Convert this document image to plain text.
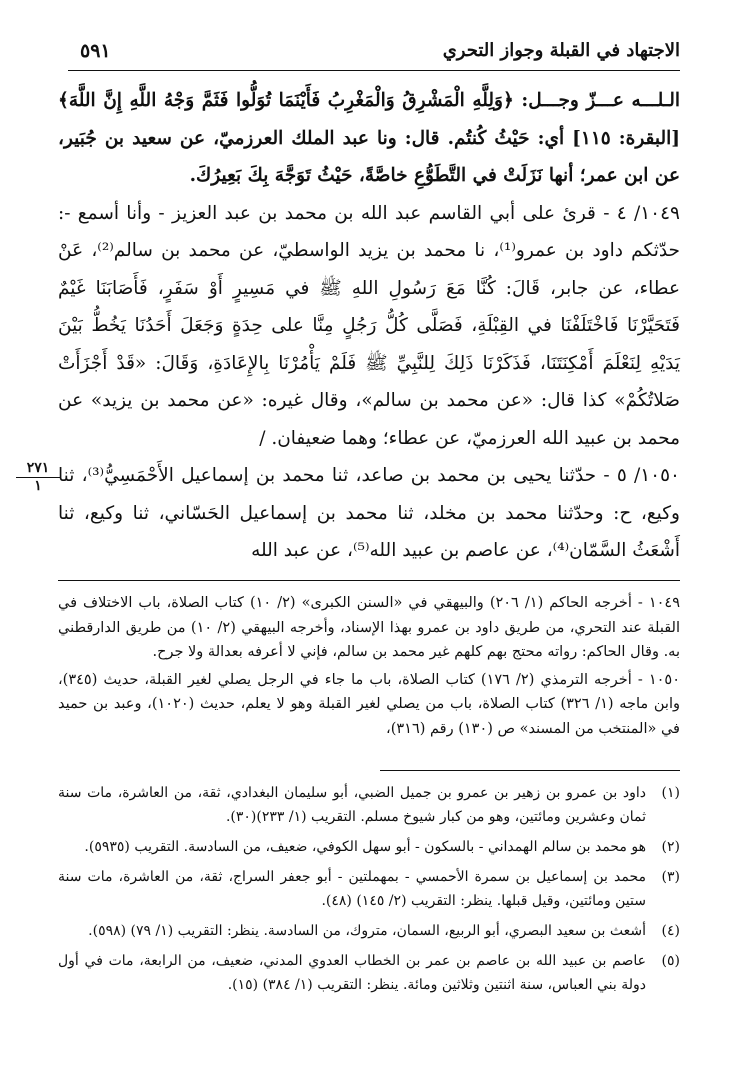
٥٩١	الاجتهاد في القبلة وجواز التحري

الـلـــه عـــزّ وجـــل: ﴿وَلِلَّهِ الْمَشْرِقُ وَالْمَغْرِبُ فَأَيْنَمَا تُوَلُّوا فَثَمَّ وَجْهُ اللَّهِ إِنَّ اللَّهَ﴾ [البقرة: ١١٥] أي: حَيْثُ كُنتُم. قال: ونا عبد الملك العرزميّ، عن سعيد بن جُبَير، عن ابن عمر؛ أنها نَزَلَتْ في التَّطَوُّعِ خاصَّةً، حَيْثُ تَوَجَّهَ بِكَ بَعِيرُكَ.

١٠٤٩/ ٤ - قرئ على أبي القاسم عبد الله بن محمد بن عبد العزيز - وأنا أسمع -: حدّثكم داود بن عمرو⁽¹⁾، نا محمد بن يزيد الواسطيّ، عن محمد بن سالم⁽²⁾، عَنْ عطاء، عن جابر، قَالَ: كُنَّا مَعَ رَسُولِ اللهِ ﷺ في مَسِيرٍ أَوْ سَفَرٍ، فَأَصَابَنَا غَيْمٌ فَتَحَيَّرْنَا فَاخْتَلَفْنَا في القِبْلَةِ، فَصَلَّى كُلُّ رَجُلٍ مِنَّا على حِدَةٍ وَجَعَلَ أَحَدُنَا يَخُطُّ بَيْنَ يَدَيْهِ لِنَعْلَمَ أَمْكِنَتَنَا، فَذَكَرْنَا ذَلِكَ لِلنَّبِيِّ ﷺ فَلَمْ يَأْمُرْنَا بِالإِعَادَةِ، وَقَالَ: «قَدْ أَجْزَأَتْ صَلاتُكُمْ» كذا قال: «عن محمد بن سالم»، وقال غيره: «عن محمد بن يزيد» عن محمد بن عبيد الله العرزميّ، عن عطاء؛ وهما ضعيفان. /

١٠٥٠/ ٥ - حدّثنا يحيى بن محمد بن صاعد، ثنا محمد بن إسماعيل الأَحْمَسِيُّ⁽³⁾، ثنا وكيع، ح: وحدّثنا محمد بن مخلد، ثنا محمد بن إسماعيل الحَسّاني، ثنا وكيع، ثنا أَشْعَثُ السَّمّان⁽⁴⁾، عن عاصم بن عبيد الله⁽⁵⁾، عن عبد الله

٢٧١
١

١٠٤٩ - أخرجه الحاكم (١/ ٢٠٦) والبيهقي في «السنن الكبرى» (٢/ ١٠) كتاب الصلاة، باب الاختلاف في القبلة عند التحري، من طريق داود بن عمرو بهذا الإسناد، وأخرجه البيهقي (٢/ ١٠) من طريق الدارقطني به. وقال الحاكم: رواته محتج بهم كلهم غير محمد بن سالم، فإني لا أعرفه بعدالة ولا جرح.

١٠٥٠ - أخرجه الترمذي (٢/ ١٧٦) كتاب الصلاة، باب ما جاء في الرجل يصلي لغير القبلة، حديث (٣٤٥)، وابن ماجه (١/ ٣٢٦) كتاب الصلاة، باب من يصلي لغير القبلة وهو لا يعلم، حديث (١٠٢٠)، وعبد بن حميد في «المنتخب من المسند» ص (١٣٠) رقم (٣١٦)،

(١)
داود بن عمرو بن زهير بن عمرو بن جميل الضبي، أبو سليمان البغدادي، ثقة، من العاشرة، مات سنة ثمان وعشرين ومائتين، وهو من كبار شيوخ مسلم. التقريب (١/ ٢٣٣)(٣٠).
(٢)
هو محمد بن سالم الهمداني - بالسكون - أبو سهل الكوفي، ضعيف، من السادسة. التقريب (٥٩٣٥).
(٣)
محمد بن إسماعيل بن سمرة الأحمسي - بمهملتين - أبو جعفر السراج، ثقة، من العاشرة، مات سنة ستين ومائتين، وقيل قبلها. ينظر: التقريب (٢/ ١٤٥) (٤٨).
(٤)
أشعث بن سعيد البصري، أبو الربيع، السمان، متروك، من السادسة. ينظر: التقريب (١/ ٧٩) (٥٩٨).
(٥)
عاصم بن عبيد الله بن عاصم بن عمر بن الخطاب العدوي المدني، ضعيف، من الرابعة، مات في أول دولة بني العباس، سنة اثنتين وثلاثين ومائة. ينظر: التقريب (١/ ٣٨٤) (١٥).
